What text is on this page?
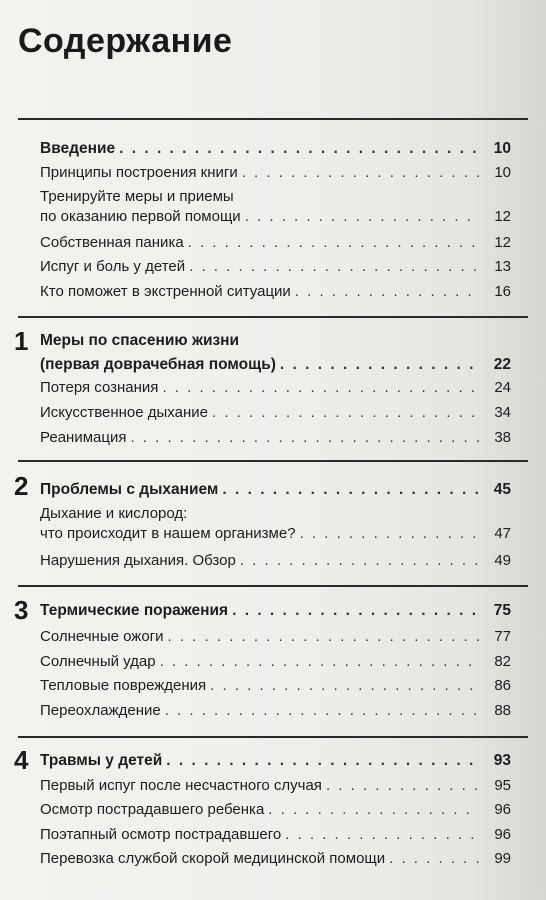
Содержание
Введение . . .	10
Принципы построения книги . . .	10
Тренируйте меры и приемы
по оказанию первой помощи . . .	12
Собственная паника . . .	12
Испуг и боль у детей . . .	13
Кто поможет в экстренной ситуации . . .	16
1 Меры по спасению жизни
(первая доврачебная помощь) . . .	22
Потеря сознания . . .	24
Искусственное дыхание . . .	34
Реанимация . . .	38
2 Проблемы с дыханием . . .	45
Дыхание и кислород:
что происходит в нашем организме? . . .	47
Нарушения дыхания. Обзор . . .	49
3 Термические поражения . . .	75
Солнечные ожоги . . .	77
Солнечный удар . . .	82
Тепловые повреждения . . .	86
Переохлаждение . . .	88
4 Травмы у детей . . .	93
Первый испуг после несчастного случая . . .	95
Осмотр пострадавшего ребенка . . .	96
Поэтапный осмотр пострадавшего . . .	96
Перевозка службой скорой медицинской помощи . . .	99
